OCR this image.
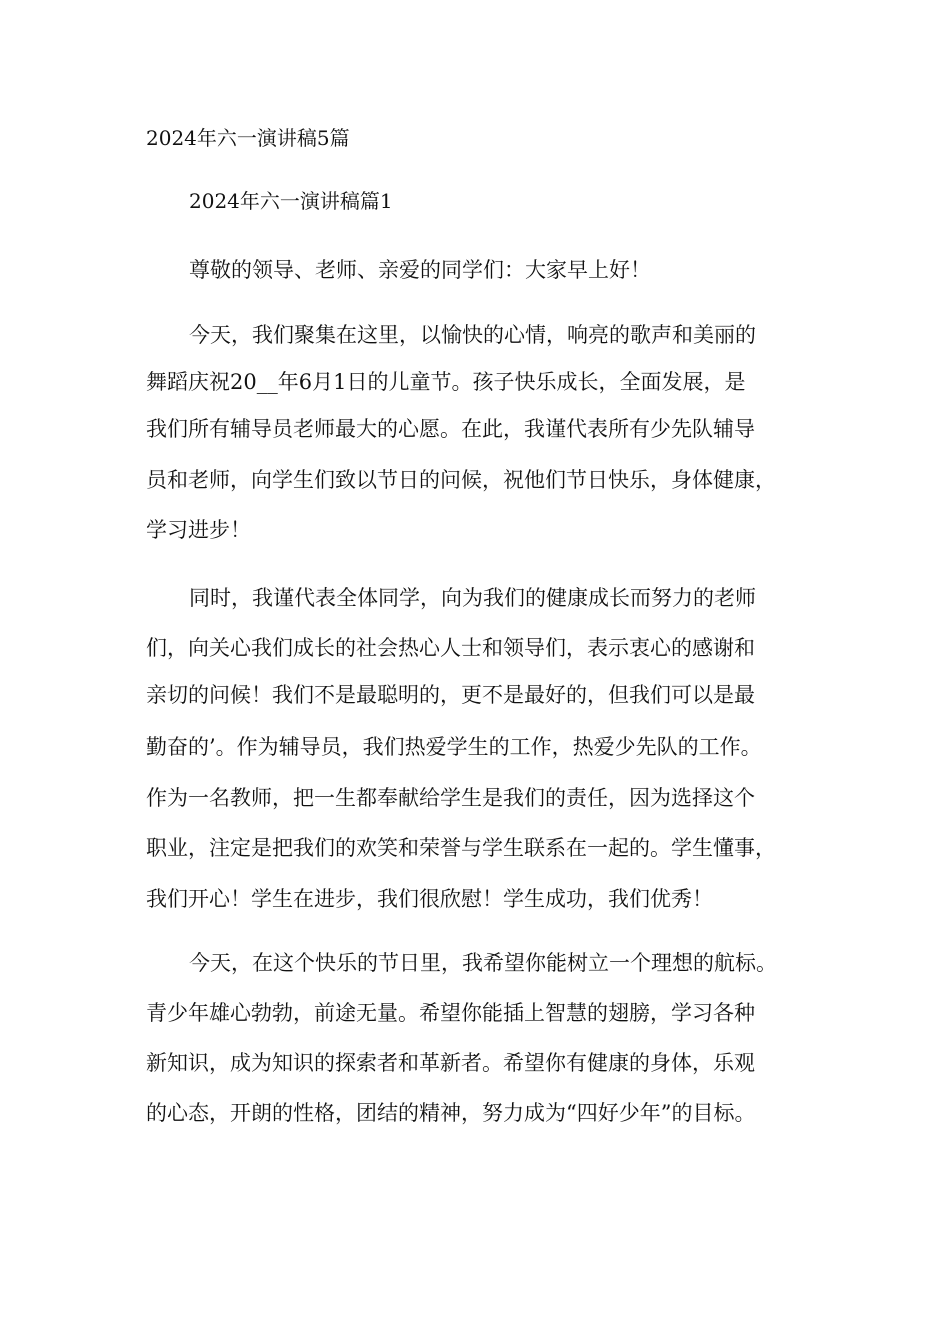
2024年六一演讲稿5篇

2024年六一演讲稿篇1

尊敬的领导、老师、亲爱的同学们：大家早上好！

今天，我们聚集在这里，以愉快的心情，响亮的歌声和美丽的

舞蹈庆祝20__年6月1日的儿童节。孩子快乐成长，全面发展，是

我们所有辅导员老师最大的心愿。在此，我谨代表所有少先队辅导

员和老师，向学生们致以节日的问候，祝他们节日快乐，身体健康，

学习进步！

同时，我谨代表全体同学，向为我们的健康成长而努力的老师

们，向关心我们成长的社会热心人士和领导们，表示衷心的感谢和

亲切的问候！我们不是最聪明的，更不是最好的，但我们可以是最

勤奋的’。作为辅导员，我们热爱学生的工作，热爱少先队的工作。

作为一名教师，把一生都奉献给学生是我们的责任，因为选择这个

职业，注定是把我们的欢笑和荣誉与学生联系在一起的。学生懂事，

我们开心！学生在进步，我们很欣慰！学生成功，我们优秀！

今天，在这个快乐的节日里，我希望你能树立一个理想的航标。

青少年雄心勃勃，前途无量。希望你能插上智慧的翅膀，学习各种

新知识，成为知识的探索者和革新者。希望你有健康的身体，乐观

的心态，开朗的性格，团结的精神，努力成为“四好少年”的目标。
